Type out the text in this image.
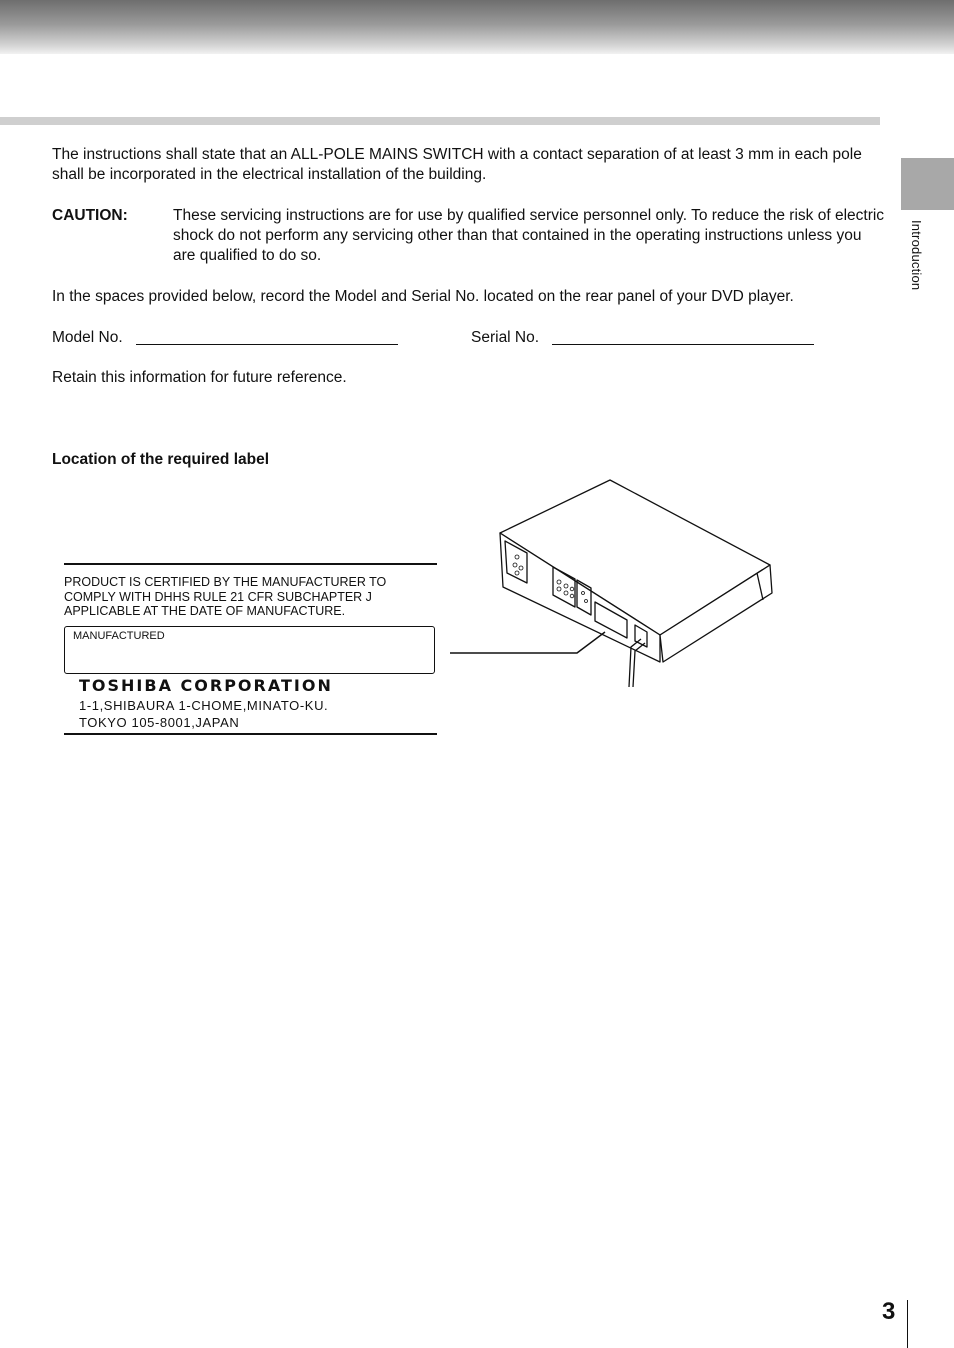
Introduction
The instructions shall state that an ALL-POLE MAINS SWITCH with a contact separation of at least 3 mm in each pole shall be incorporated in the electrical installation of the building.
CAUTION:	These servicing instructions are for use by qualified service personnel only. To reduce the risk of electric shock do not perform any servicing other than that contained in the operating instructions unless you are qualified to do so.
In the spaces provided below, record the Model and Serial No. located on the rear panel of your DVD player.
Model No.	Serial No.
Retain this information for future reference.
Location of the required label
PRODUCT IS CERTIFIED BY THE MANUFACTURER TO COMPLY WITH DHHS RULE 21 CFR SUBCHAPTER J APPLICABLE AT THE DATE OF MANUFACTURE.
MANUFACTURED
TOSHIBA CORPORATION
1-1,SHIBAURA 1-CHOME,MINATO-KU.
TOKYO 105-8001,JAPAN
3
